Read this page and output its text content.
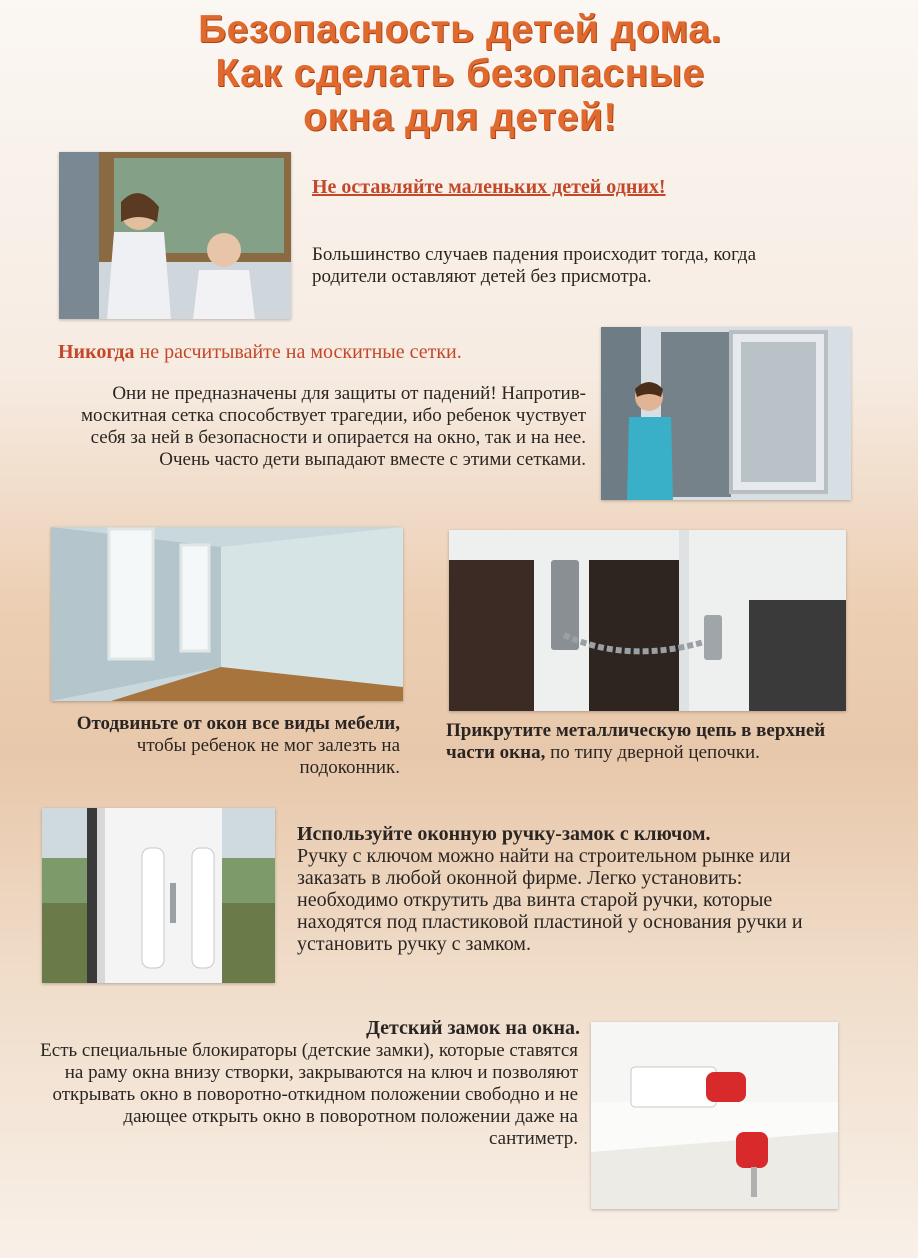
Безопасность детей дома.
Как сделать безопасные
окна для детей!
Не оставляйте маленьких детей одних!
Большинство случаев падения происходит тогда, когда родители оставляют детей без присмотра.
Никогда не расчитывайте на москитные сетки.
Они не предназначены для защиты от падений! Напротив-москитная сетка способствует трагедии, ибо ребенок чуствует себя за ней в безопасности и опирается на окно, так и на нее. Очень часто дети выпадают вместе с этими сетками.
Отодвиньте от окон все виды мебели, чтобы ребенок не мог залезть на подоконник.
Прикрутите металлическую цепь в верхней части окна, по типу дверной цепочки.
Используйте оконную ручку-замок с ключом.
Ручку с ключом можно найти на строительном рынке или заказать в любой оконной фирме. Легко установить: необходимо открутить два винта старой ручки, которые находятся под пластиковой пластиной у основания ручки и установить ручку с замком.
Детский замок на окна.
Есть специальные блокираторы (детские замки), которые ставятся на раму окна внизу створки, закрываются на ключ и позволяют открывать окно в поворотно-откидном положении свободно и не дающее открыть окно в поворотном положении даже на сантиметр.
